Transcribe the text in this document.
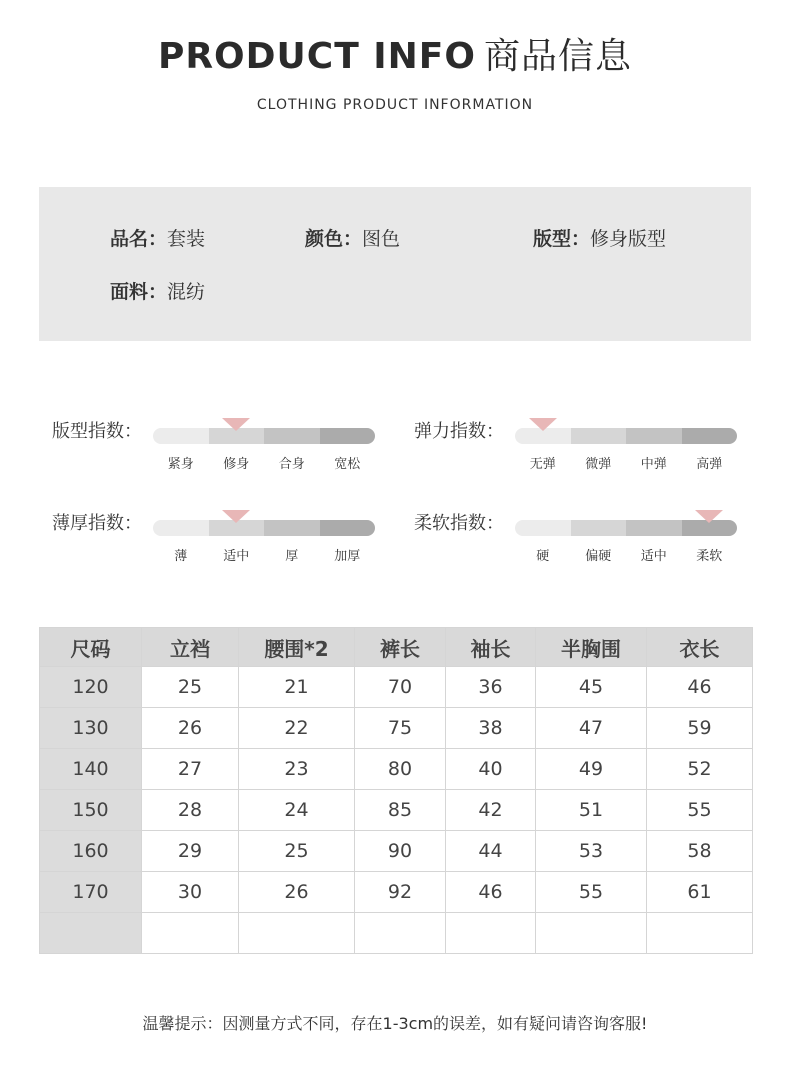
PRODUCT INFO 商品信息
CLOTHING PRODUCT INFORMATION
品名：套装	颜色：图色	版型：修身版型
面料：混纺
版型指数：
紧身	修身	合身	宽松
弹力指数：
无弹	微弹	中弹	高弹
薄厚指数：
薄	适中	厚	加厚
柔软指数：
硬	偏硬	适中	柔软
尺码	立裆	腰围*2	裤长	袖长	半胸围	衣长
120	25	21	70	36	45	46
130	26	22	75	38	47	59
140	27	23	80	40	49	52
150	28	24	85	42	51	55
160	29	25	90	44	53	58
170	30	26	92	46	55	61

温馨提示：因测量方式不同，存在1-3cm的误差，如有疑问请咨询客服!
